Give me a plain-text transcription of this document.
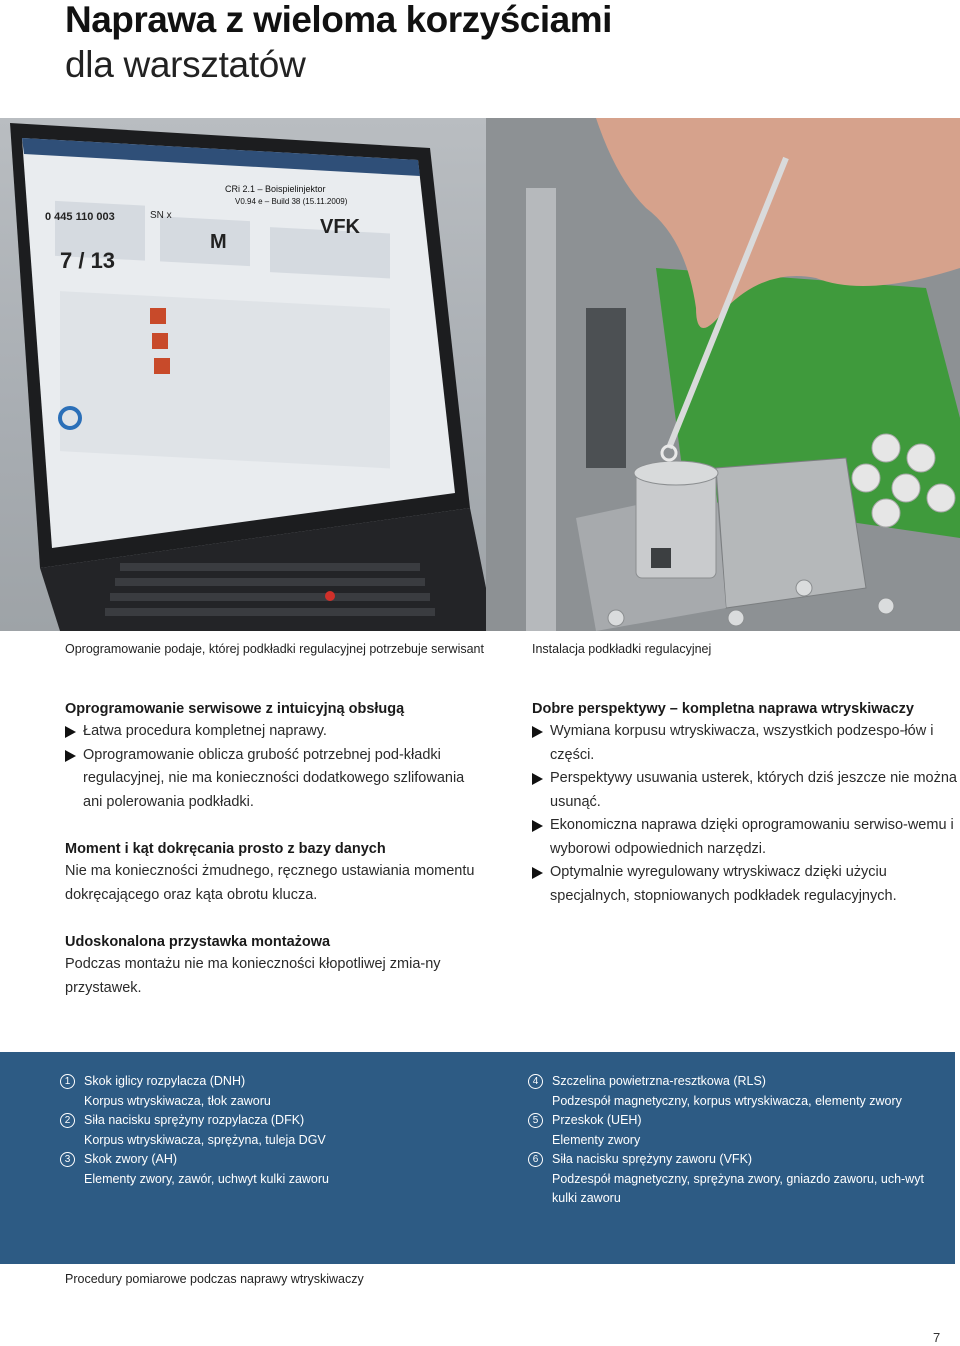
Naprawa z wieloma korzyściami
dla warsztatów
7 / 13
M
VFK
0 445 110 003	SN x
CRi 2.1 – Boispielinjektor
V0.94 e – Build 38 (15.11.2009)
Oprogramowanie podaje, której podkładki regulacyjnej potrzebuje serwisant	Instalacja podkładki regulacyjnej
Oprogramowanie serwisowe z intuicyjną obsługą
Łatwa procedura kompletnej naprawy.
Oprogramowanie oblicza grubość potrzebnej pod-kładki regulacyjnej, nie ma konieczności dodatkowego szlifowania ani polerowania podkładki.
Moment i kąt dokręcania prosto z bazy danych
Nie ma konieczności żmudnego, ręcznego ustawiania momentu dokręcającego oraz kąta obrotu klucza.
Udoskonalona przystawka montażowa
Podczas montażu nie ma konieczności kłopotliwej zmia-ny przystawek.
Dobre perspektywy – kompletna naprawa wtryskiwaczy
Wymiana korpusu wtryskiwacza, wszystkich podzespo-łów i części.
Perspektywy usuwania usterek, których dziś jeszcze nie można usunąć.
Ekonomiczna naprawa dzięki oprogramowaniu serwiso-wemu i wyborowi odpowiednich narzędzi.
Optymalnie wyregulowany wtryskiwacz dzięki użyciu specjalnych, stopniowanych podkładek regulacyjnych.
1	Skok iglicy rozpylacza (DNH)
Korpus wtryskiwacza, tłok zaworu
2	Siła nacisku sprężyny rozpylacza (DFK)
Korpus wtryskiwacza, sprężyna, tuleja DGV
3	Skok zwory (AH)
Elementy zwory, zawór, uchwyt kulki zaworu
4	Szczelina powietrzna-resztkowa (RLS)
Podzespół magnetyczny, korpus wtryskiwacza, elementy zwory
5	Przeskok (UEH)
Elementy zwory
6	Siła nacisku sprężyny zaworu (VFK)
Podzespół magnetyczny, sprężyna zwory, gniazdo zaworu, uch-wyt kulki zaworu
Procedury pomiarowe podczas naprawy wtryskiwaczy
7
